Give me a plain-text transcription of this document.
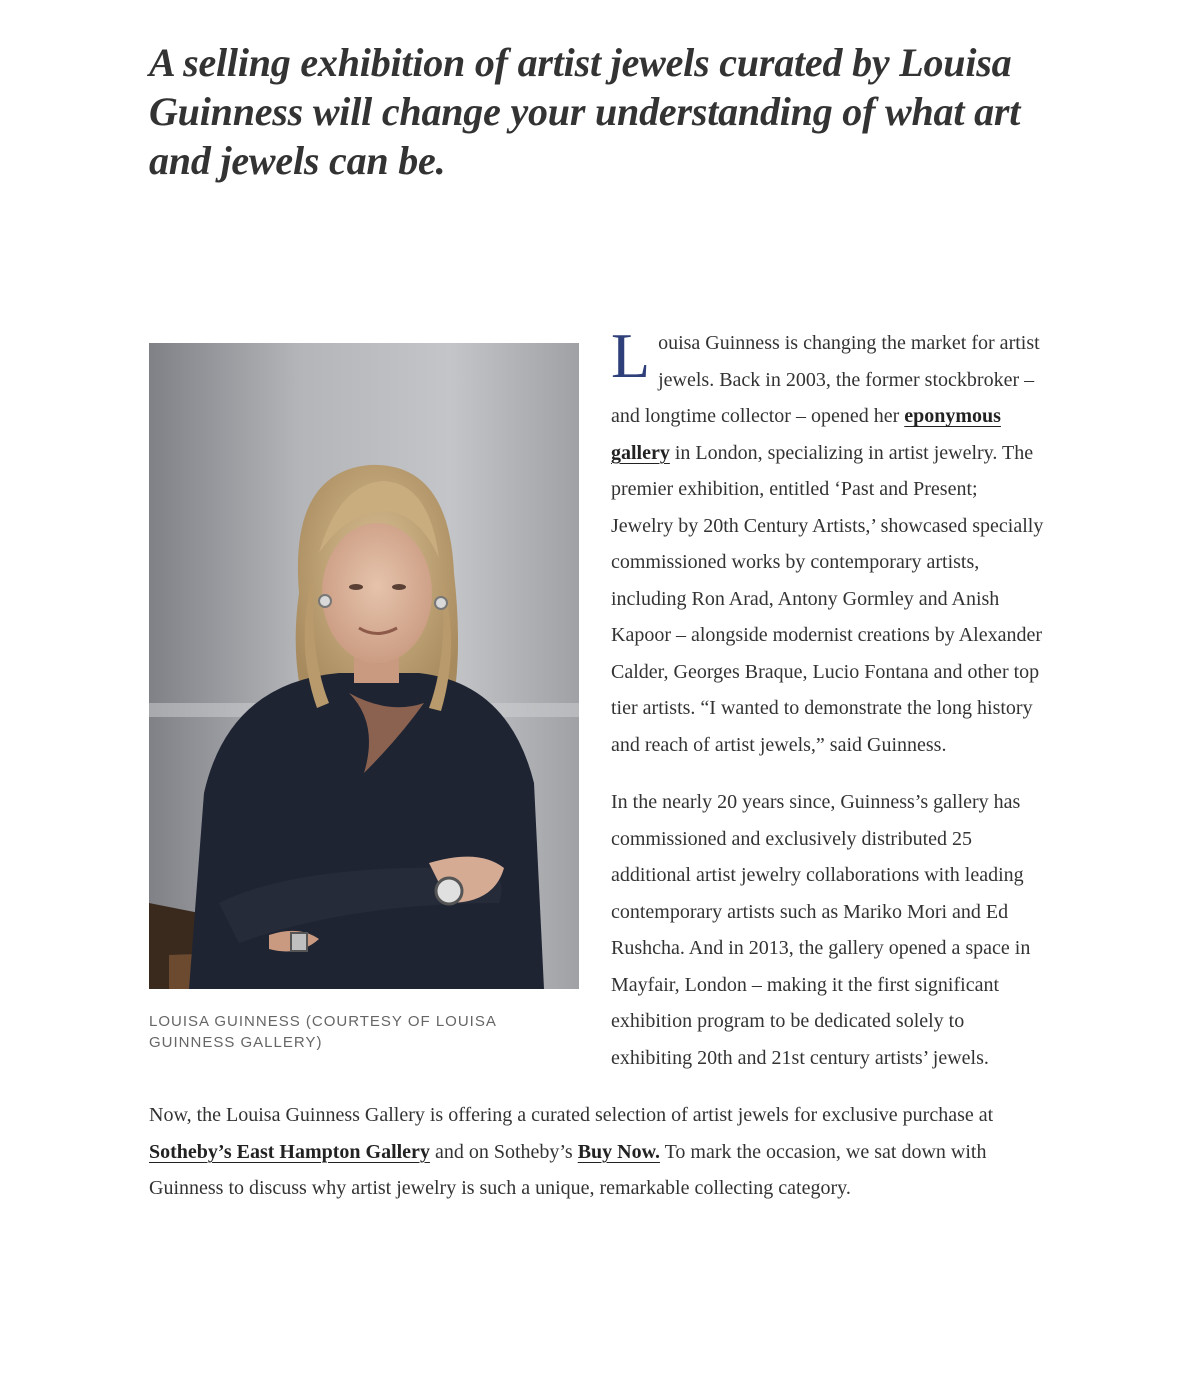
A selling exhibition of artist jewels curated by Louisa Guinness will change your understanding of what art and jewels can be.
LOUISA GUINNESS (COURTESY OF LOUISA GUINNESS GALLERY)

Louisa Guinness is changing the market for artist jewels. Back in 2003, the former stockbroker – and longtime collector – opened her eponymous gallery in London, specializing in artist jewelry. The premier exhibition, entitled ‘Past and Present; Jewelry by 20th Century Artists,’ showcased specially commissioned works by contemporary artists, including Ron Arad, Antony Gormley and Anish Kapoor – alongside modernist creations by Alexander Calder, Georges Braque, Lucio Fontana and other top tier artists. “I wanted to demonstrate the long history and reach of artist jewels,” said Guinness.

In the nearly 20 years since, Guinness’s gallery has commissioned and exclusively distributed 25 additional artist jewelry collaborations with leading contemporary artists such as Mariko Mori and Ed Rushcha. And in 2013, the gallery opened a space in Mayfair, London – making it the first significant exhibition program to be dedicated solely to exhibiting 20th and 21st century artists’ jewels.

Now, the Louisa Guinness Gallery is offering a curated selection of artist jewels for exclusive purchase at Sotheby’s East Hampton Gallery and on Sotheby’s Buy Now. To mark the occasion, we sat down with Guinness to discuss why artist jewelry is such a unique, remarkable collecting category.
